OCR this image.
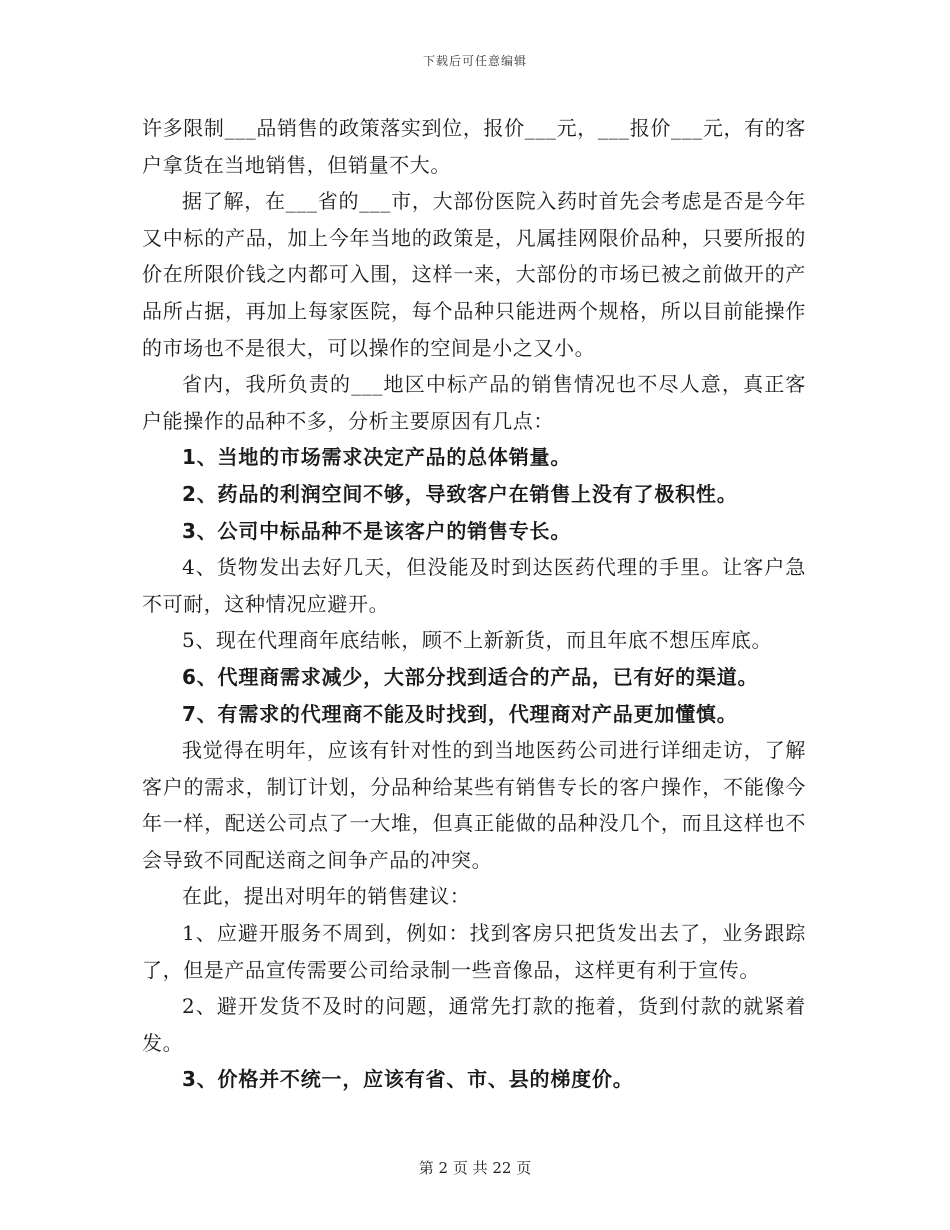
下载后可任意编辑

许多限制___品销售的政策落实到位，报价___元，___报价___元，有的客户拿货在当地销售，但销量不大。

据了解，在___省的___市，大部份医院入药时首先会考虑是否是今年又中标的产品，加上今年当地的政策是，凡属挂网限价品种，只要所报的价在所限价钱之内都可入围，这样一来，大部份的市场已被之前做开的产品所占据，再加上每家医院，每个品种只能进两个规格，所以目前能操作的市场也不是很大，可以操作的空间是小之又小。

省内，我所负责的___地区中标产品的销售情况也不尽人意，真正客户能操作的品种不多，分析主要原因有几点：

1、当地的市场需求决定产品的总体销量。

2、药品的利润空间不够，导致客户在销售上没有了极积性。

3、公司中标品种不是该客户的销售专长。

4、货物发出去好几天，但没能及时到达医药代理的手里。让客户急不可耐，这种情况应避开。

5、现在代理商年底结帐，顾不上新新货，而且年底不想压库底。

6、代理商需求减少，大部分找到适合的产品，已有好的渠道。

7、有需求的代理商不能及时找到，代理商对产品更加懂慎。

我觉得在明年，应该有针对性的到当地医药公司进行详细走访，了解客户的需求，制订计划，分品种给某些有销售专长的客户操作，不能像今年一样，配送公司点了一大堆，但真正能做的品种没几个，而且这样也不会导致不同配送商之间争产品的冲突。

在此，提出对明年的销售建议：

1、应避开服务不周到，例如：找到客房只把货发出去了，业务跟踪了，但是产品宣传需要公司给录制一些音像品，这样更有利于宣传。

2、避开发货不及时的问题，通常先打款的拖着，货到付款的就紧着发。

3、价格并不统一，应该有省、市、县的梯度价。

第 2 页 共 22 页
